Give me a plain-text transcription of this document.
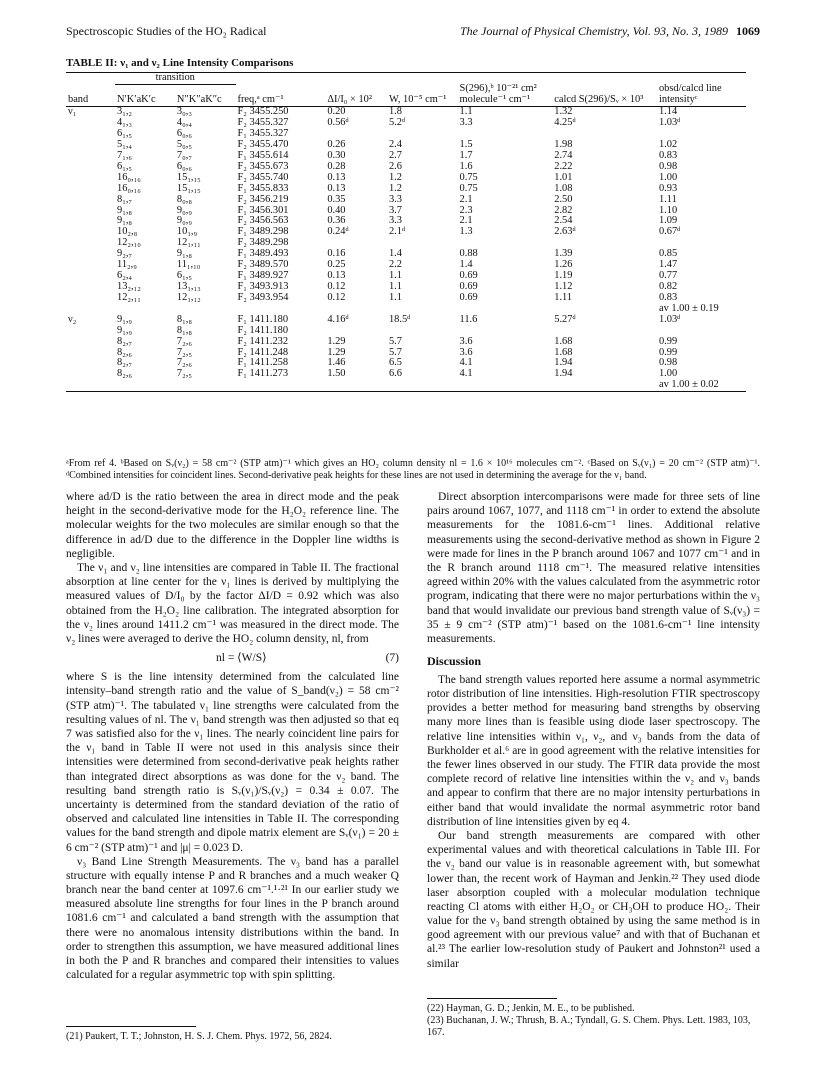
Spectroscopic Studies of the HO₂ Radical	The Journal of Physical Chemistry, Vol. 93, No. 3, 1989 1069
TABLE II: ν₁ and ν₂ Line Intensity Comparisons
	transition							
band	N′K′aK′c	N″K″aK″c	freq,ᵃ cm⁻¹	ΔI/I₀ × 10²	W, 10⁻⁵ cm⁻¹	S(296),ᵇ 10⁻²¹ cm² molecule⁻¹ cm⁻¹	calcd S(296)/Sᵥ × 10³	obsd/calcd line intensityᶜ
ν₁	3₁,₂	3₀,₃	F₂ 3455.250	0.20	1.8	1.1	1.32	1.14
	4₁,₃	4₀,₄	F₂ 3455.327	0.56ᵈ	5.2ᵈ	3.3	4.25ᵈ	1.03ᵈ
	6₁,₅	6₀,₆	F₁ 3455.327					
	5₁,₄	5₀,₅	F₂ 3455.470	0.26	2.4	1.5	1.98	1.02
	7₁,₆	7₀,₇	F₁ 3455.614	0.30	2.7	1.7	2.74	0.83
	6₁,₅	6₀,₆	F₂ 3455.673	0.28	2.6	1.6	2.22	0.98
	16₀,₁₆	15₁,₁₅	F₂ 3455.740	0.13	1.2	0.75	1.01	1.00
	16₀,₁₆	15₁,₁₅	F₁ 3455.833	0.13	1.2	0.75	1.08	0.93
	8₁,₇	8₀,₈	F₂ 3456.219	0.35	3.3	2.1	2.50	1.11
	9₁,₈	9₀,₉	F₁ 3456.301	0.40	3.7	2.3	2.82	1.10
	9₁,₈	9₀,₉	F₂ 3456.563	0.36	3.3	2.1	2.54	1.09
	10₂,₈	10₁,₉	F₁ 3489.298	0.24ᵈ	2.1ᵈ	1.3	2.63ᵈ	0.67ᵈ
	12₂,₁₀	12₁,₁₁	F₂ 3489.298					
	9₂,₇	9₁,₈	F₁ 3489.493	0.16	1.4	0.88	1.39	0.85
	11₂,₉	11₁,₁₀	F₂ 3489.570	0.25	2.2	1.4	1.26	1.47
	6₂,₄	6₁,₅	F₁ 3489.927	0.13	1.1	0.69	1.19	0.77
	13₂,₁₂	13₁,₁₃	F₁ 3493.913	0.12	1.1	0.69	1.12	0.82
	12₂,₁₁	12₁,₁₂	F₂ 3493.954	0.12	1.1	0.69	1.11	0.83
								av 1.00 ± 0.19
ν₂	9₁,₉	8₁,₈	F₁ 1411.180	4.16ᵈ	18.5ᵈ	11.6	5.27ᵈ	1.03ᵈ
	9₁,₉	8₁,₈	F₂ 1411.180					
	8₂,₇	7₂,₆	F₂ 1411.232	1.29	5.7	3.6	1.68	0.99
	8₂,₆	7₂,₅	F₂ 1411.248	1.29	5.7	3.6	1.68	0.99
	8₂,₇	7₂,₆	F₁ 1411.258	1.46	6.5	4.1	1.94	0.98
	8₂,₆	7₂,₅	F₁ 1411.273	1.50	6.6	4.1	1.94	1.00
								av 1.00 ± 0.02
ᵃFrom ref 4. ᵇBased on Sᵥ(ν₂) = 58 cm⁻² (STP atm)⁻¹ which gives an HO₂ column density nl = 1.6 × 10¹⁶ molecules cm⁻². ᶜBased on Sᵥ(ν₁) = 20 cm⁻² (STP atm)⁻¹. ᵈCombined intensities for coincident lines. Second-derivative peak heights for these lines are not used in determining the average for the ν₁ band.

where ad/D is the ratio between the area in direct mode and the peak height in the second-derivative mode for the H₂O₂ reference line. The molecular weights for the two molecules are similar enough so that the difference in ad/D due to the difference in the Doppler line widths is negligible.

The ν₁ and ν₂ line intensities are compared in Table II. The fractional absorption at line center for the ν₁ lines is derived by multiplying the measured values of D/I₀ by the factor ΔI/D = 0.92 which was also obtained from the H₂O₂ line calibration. The integrated absorption for the ν₂ lines around 1411.2 cm⁻¹ was measured in the direct mode. The ν₂ lines were averaged to derive the HO₂ column density, nl, from

nl = ⟨W/S⟩	(7)

where S is the line intensity determined from the calculated line intensity–band strength ratio and the value of S_band(ν₂) = 58 cm⁻² (STP atm)⁻¹. The tabulated ν₁ line strengths were calculated from the resulting values of nl. The ν₁ band strength was then adjusted so that eq 7 was satisfied also for the ν₁ lines. The nearly coincident line pairs for the ν₁ band in Table II were not used in this analysis since their intensities were determined from second-derivative peak heights rather than integrated direct absorptions as was done for the ν₂ band. The resulting band strength ratio is Sᵥ(ν₁)/Sᵥ(ν₂) = 0.34 ± 0.07. The uncertainty is determined from the standard deviation of the ratio of observed and calculated line intensities in Table II. The corresponding values for the band strength and dipole matrix element are Sᵥ(ν₁) = 20 ± 6 cm⁻² (STP atm)⁻¹ and |μ| = 0.023 D.

ν₃ Band Line Strength Measurements. The ν₃ band has a parallel structure with equally intense P and R branches and a much weaker Q branch near the band center at 1097.6 cm⁻¹.¹·²¹ In our earlier study we measured absolute line strengths for four lines in the P branch around 1081.6 cm⁻¹ and calculated a band strength with the assumption that there were no anomalous intensity distributions within the band. In order to strengthen this assumption, we have measured additional lines in both the P and R branches and compared their intensities to values calculated for a regular asymmetric top with spin splitting.

(21) Paukert, T. T.; Johnston, H. S. J. Chem. Phys. 1972, 56, 2824.

Direct absorption intercomparisons were made for three sets of line pairs around 1067, 1077, and 1118 cm⁻¹ in order to extend the absolute measurements for the 1081.6-cm⁻¹ lines. Additional relative measurements using the second-derivative method as shown in Figure 2 were made for lines in the P branch around 1067 and 1077 cm⁻¹ and in the R branch around 1118 cm⁻¹. The measured relative intensities agreed within 20% with the values calculated from the asymmetric rotor program, indicating that there were no major perturbations within the ν₃ band that would invalidate our previous band strength value of Sᵥ(ν₃) = 35 ± 9 cm⁻² (STP atm)⁻¹ based on the 1081.6-cm⁻¹ line intensity measurements.

Discussion

The band strength values reported here assume a normal asymmetric rotor distribution of line intensities. High-resolution FTIR spectroscopy provides a better method for measuring band strengths by observing many more lines than is feasible using diode laser spectroscopy. The relative line intensities within ν₁, ν₂, and ν₃ bands from the data of Burkholder et al.⁶ are in good agreement with the relative intensities for the fewer lines observed in our study. The FTIR data provide the most complete record of relative line intensities within the ν₂ and ν₃ bands and appear to confirm that there are no major intensity perturbations in either band that would invalidate the normal asymmetric rotor band distribution of line intensities given by eq 4.

Our band strength measurements are compared with other experimental values and with theoretical calculations in Table III. For the ν₂ band our value is in reasonable agreement with, but somewhat lower than, the recent work of Hayman and Jenkin.²² They used diode laser absorption coupled with a molecular modulation technique reacting Cl atoms with either H₂O₂ or CH₃OH to produce HO₂. Their value for the ν₃ band strength obtained by using the same method is in good agreement with our previous value⁷ and with that of Buchanan et al.²³ The earlier low-resolution study of Paukert and Johnston²¹ used a similar

(22) Hayman, G. D.; Jenkin, M. E., to be published.
(23) Buchanan, J. W.; Thrush, B. A.; Tyndall, G. S. Chem. Phys. Lett. 1983, 103, 167.
